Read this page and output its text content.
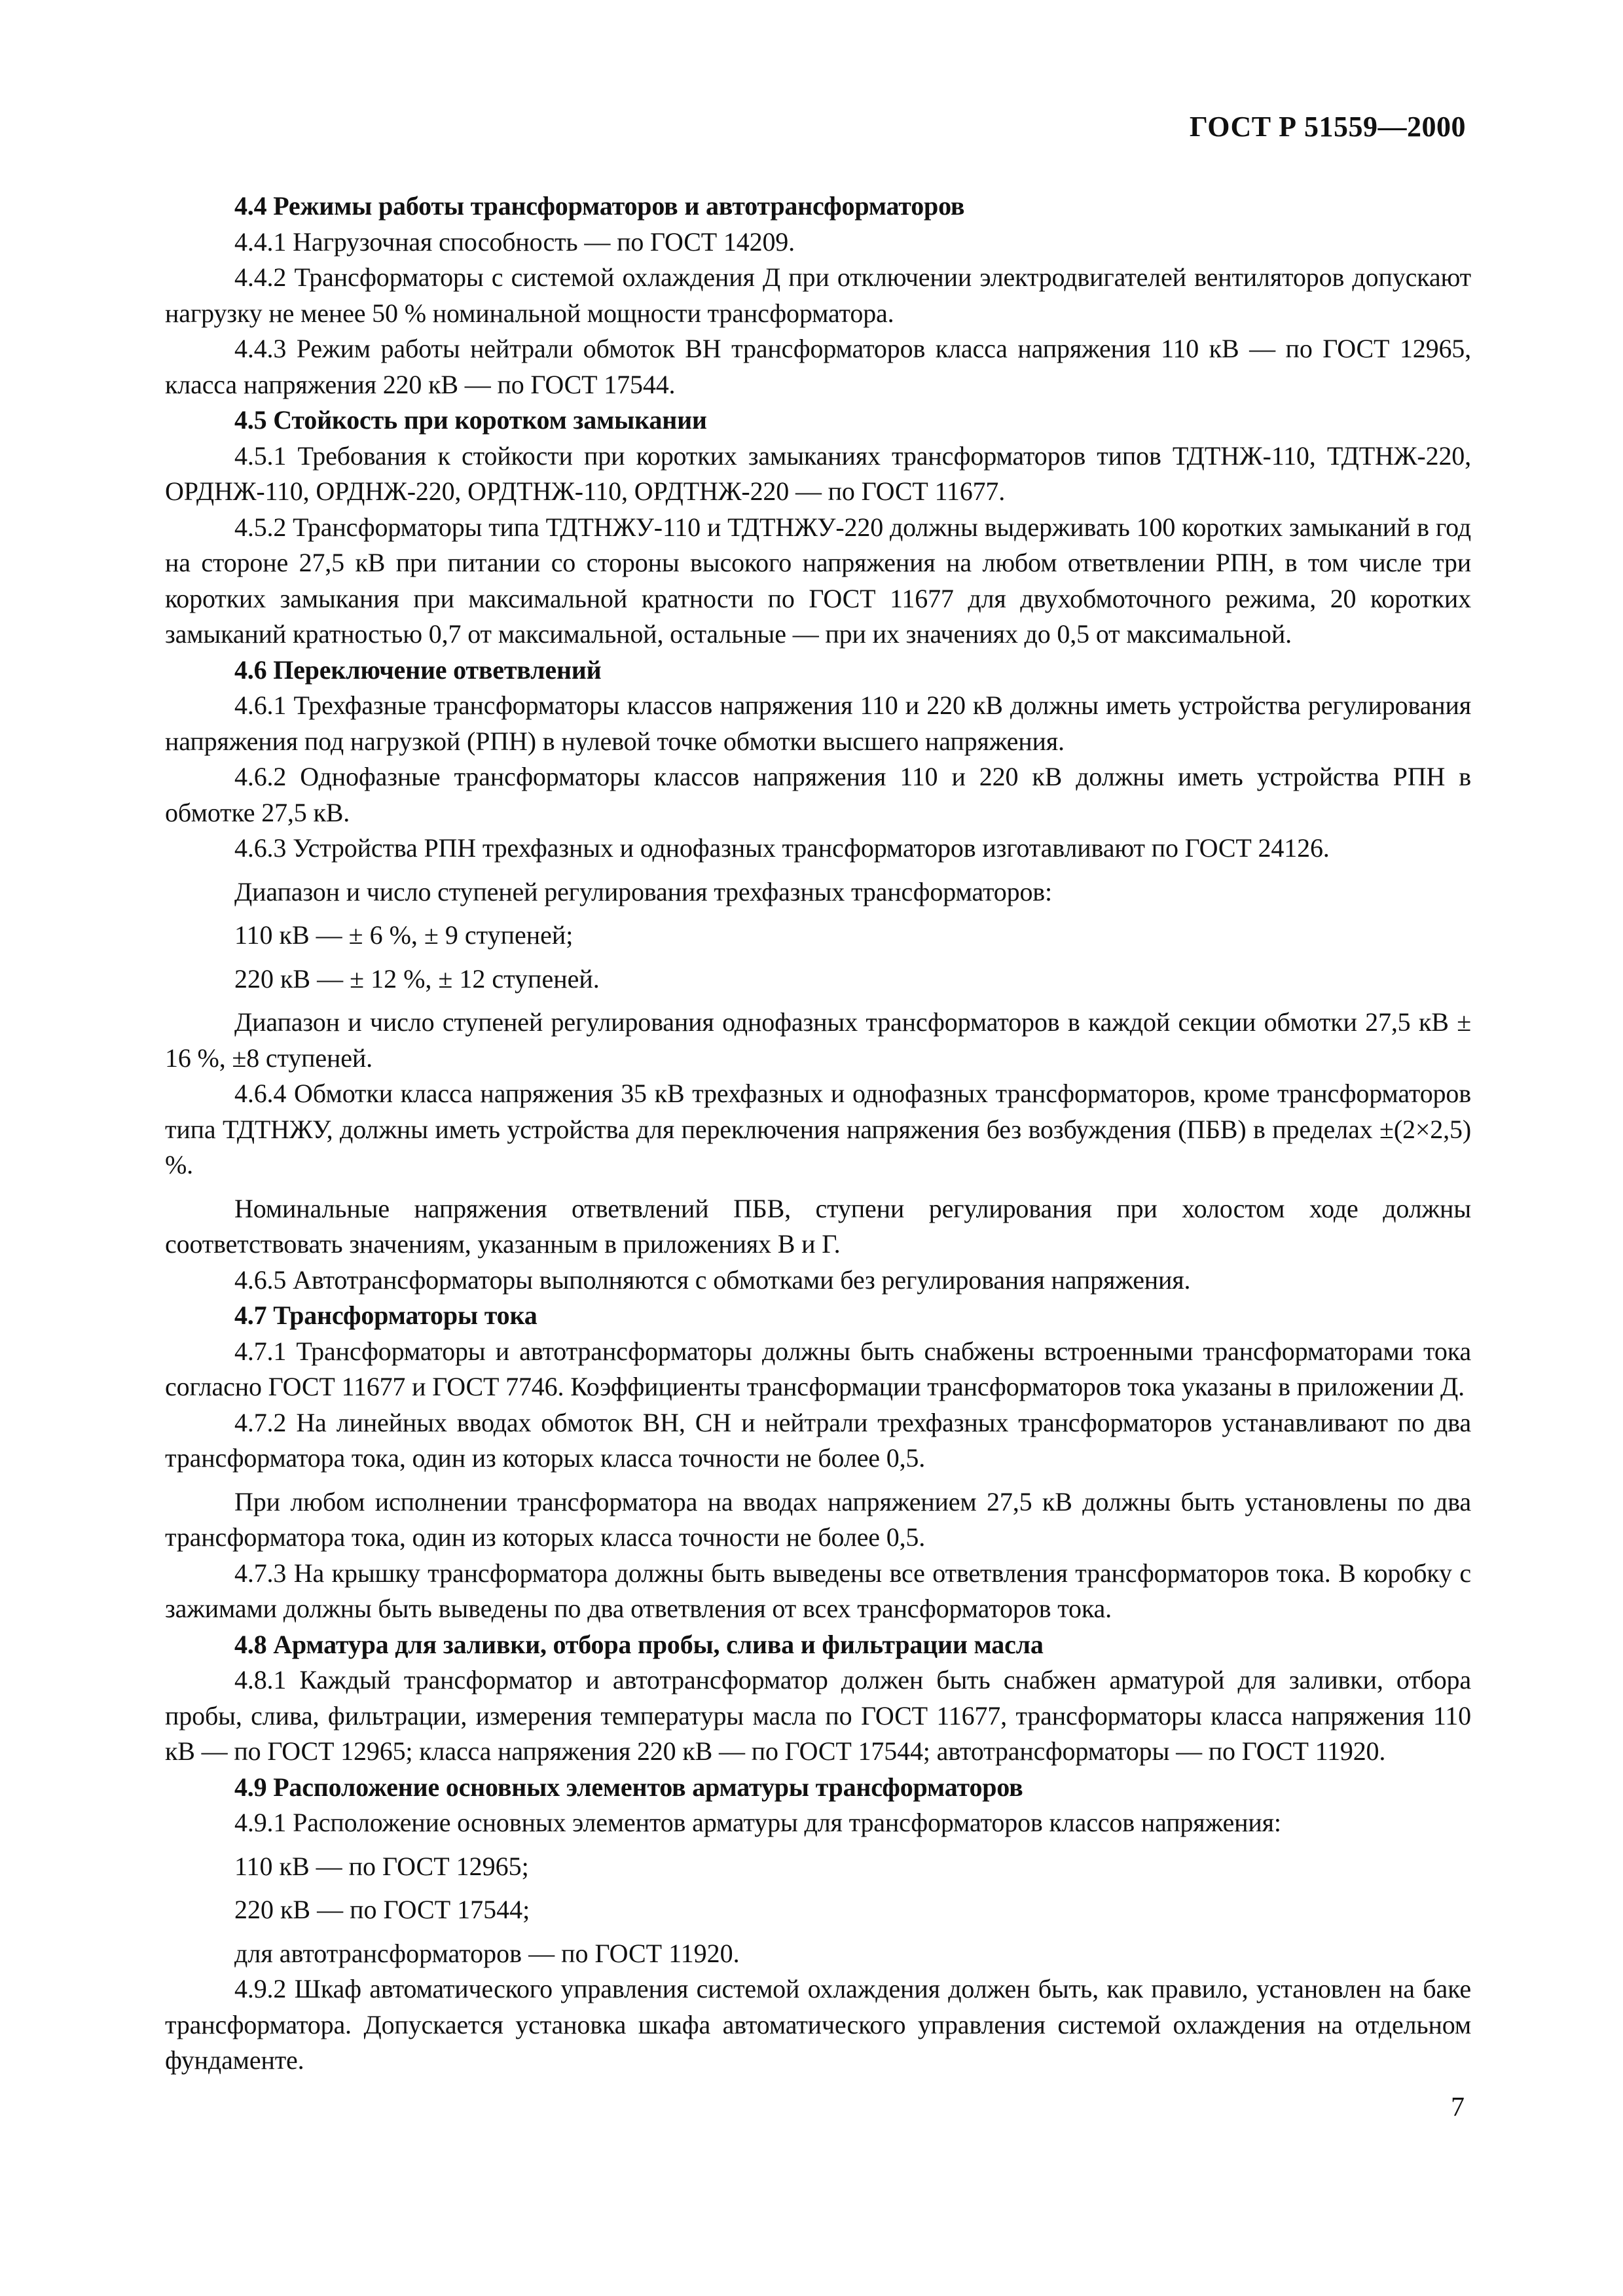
ГОСТ Р 51559—2000
4.4 Режимы работы трансформаторов и автотрансформаторов
4.4.1 Нагрузочная способность — по ГОСТ 14209.
4.4.2 Трансформаторы с системой охлаждения Д при отключении электродвигателей вентиляторов допускают нагрузку не менее 50 % номинальной мощности трансформатора.
4.4.3 Режим работы нейтрали обмоток ВН трансформаторов класса напряжения 110 кВ — по ГОСТ 12965, класса напряжения 220 кВ — по ГОСТ 17544.
4.5 Стойкость при коротком замыкании
4.5.1 Требования к стойкости при коротких замыканиях трансформаторов типов ТДТНЖ-110, ТДТНЖ-220, ОРДНЖ-110, ОРДНЖ-220, ОРДТНЖ-110, ОРДТНЖ-220 — по ГОСТ 11677.
4.5.2 Трансформаторы типа ТДТНЖУ-110 и ТДТНЖУ-220 должны выдерживать 100 коротких замыканий в год на стороне 27,5 кВ при питании со стороны высокого напряжения на любом ответвлении РПН, в том числе три коротких замыкания при максимальной кратности по ГОСТ 11677 для двухобмоточного режима, 20 коротких замыканий кратностью 0,7 от максимальной, остальные — при их значениях до 0,5 от максимальной.
4.6 Переключение ответвлений
4.6.1 Трехфазные трансформаторы классов напряжения 110 и 220 кВ должны иметь устройства регулирования напряжения под нагрузкой (РПН) в нулевой точке обмотки высшего напряжения.
4.6.2 Однофазные трансформаторы классов напряжения 110 и 220 кВ должны иметь устройства РПН в обмотке 27,5 кВ.
4.6.3 Устройства РПН трехфазных и однофазных трансформаторов изготавливают по ГОСТ 24126.
Диапазон и число ступеней регулирования трехфазных трансформаторов:
110 кВ — ± 6 %, ± 9 ступеней;
220 кВ — ± 12 %, ± 12 ступеней.
Диапазон и число ступеней регулирования однофазных трансформаторов в каждой секции обмотки 27,5 кВ ± 16 %, ±8 ступеней.
4.6.4 Обмотки класса напряжения 35 кВ трехфазных и однофазных трансформаторов, кроме трансформаторов типа ТДТНЖУ, должны иметь устройства для переключения напряжения без возбуждения (ПБВ) в пределах ±(2×2,5) %.
Номинальные напряжения ответвлений ПБВ, ступени регулирования при холостом ходе должны соответствовать значениям, указанным в приложениях В и Г.
4.6.5 Автотрансформаторы выполняются с обмотками без регулирования напряжения.
4.7 Трансформаторы тока
4.7.1 Трансформаторы и автотрансформаторы должны быть снабжены встроенными трансформаторами тока согласно ГОСТ 11677 и ГОСТ 7746. Коэффициенты трансформации трансформаторов тока указаны в приложении Д.
4.7.2 На линейных вводах обмоток ВН, СН и нейтрали трехфазных трансформаторов устанавливают по два трансформатора тока, один из которых класса точности не более 0,5.
При любом исполнении трансформатора на вводах напряжением 27,5 кВ должны быть установлены по два трансформатора тока, один из которых класса точности не более 0,5.
4.7.3 На крышку трансформатора должны быть выведены все ответвления трансформаторов тока. В коробку с зажимами должны быть выведены по два ответвления от всех трансформаторов тока.
4.8 Арматура для заливки, отбора пробы, слива и фильтрации масла
4.8.1 Каждый трансформатор и автотрансформатор должен быть снабжен арматурой для заливки, отбора пробы, слива, фильтрации, измерения температуры масла по ГОСТ 11677, трансформаторы класса напряжения 110 кВ — по ГОСТ 12965; класса напряжения 220 кВ — по ГОСТ 17544; автотрансформаторы — по ГОСТ 11920.
4.9 Расположение основных элементов арматуры трансформаторов
4.9.1 Расположение основных элементов арматуры для трансформаторов классов напряжения:
110 кВ — по ГОСТ 12965;
220 кВ — по ГОСТ 17544;
для автотрансформаторов — по ГОСТ 11920.
4.9.2 Шкаф автоматического управления системой охлаждения должен быть, как правило, установлен на баке трансформатора. Допускается установка шкафа автоматического управления системой охлаждения на отдельном фундаменте.
7
